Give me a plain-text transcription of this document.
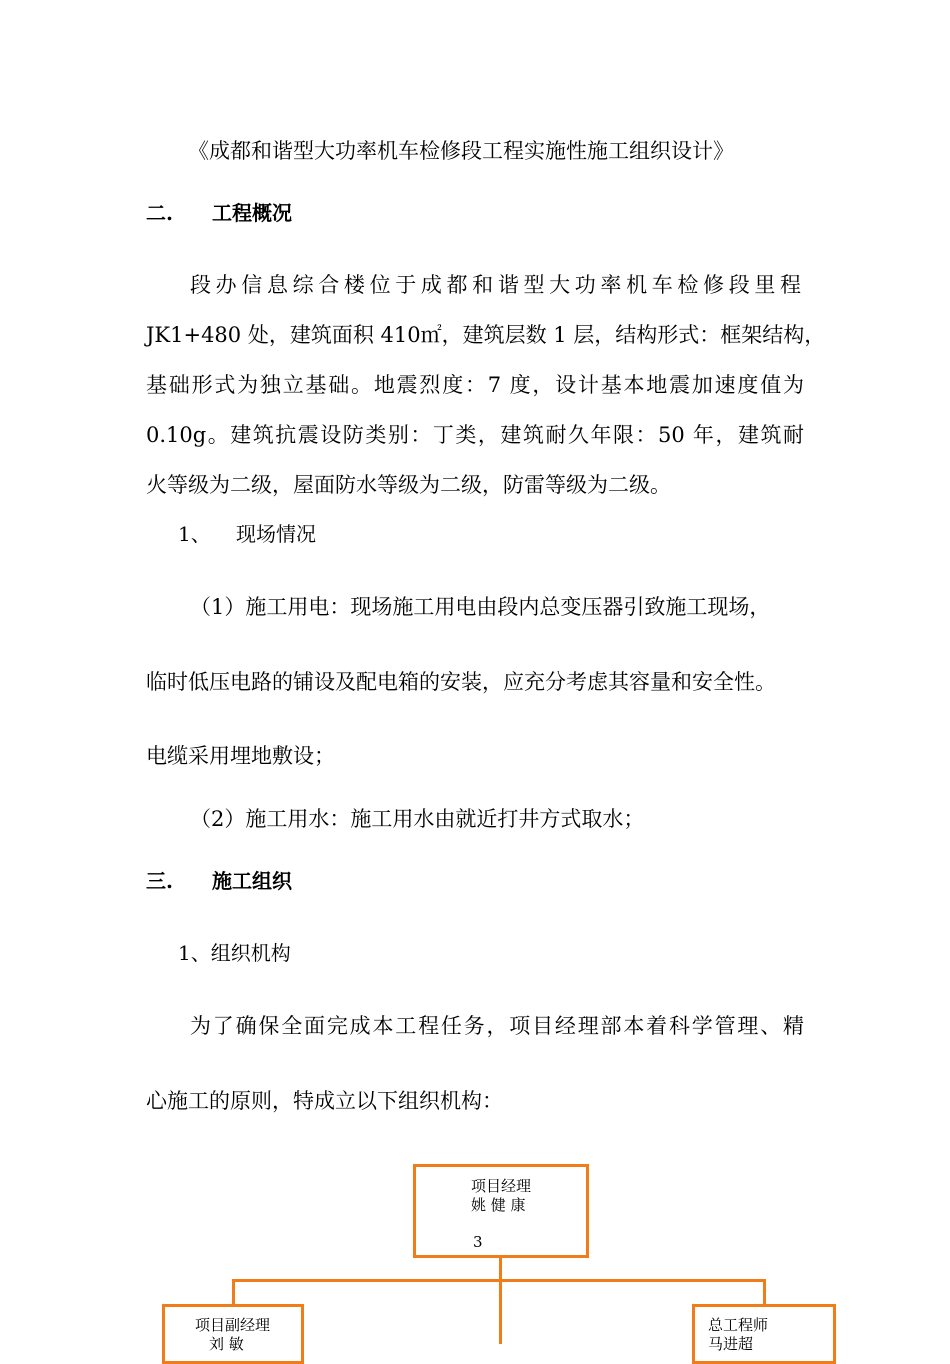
《成都和谐型大功率机车检修段工程实施性施工组织设计》
二. 工程概况
段办信息综合楼位于成都和谐型大功率机车检修段里程
JK1+480 处，建筑面积 410㎡，建筑层数 1 层，结构形式：框架结构，
基础形式为独立基础。地震烈度：7 度，设计基本地震加速度值为
0.10g。建筑抗震设防类别：丁类，建筑耐久年限：50 年，建筑耐
火等级为二级，屋面防水等级为二级，防雷等级为二级。
1、 现场情况
（1）施工用电：现场施工用电由段内总变压器引致施工现场，
临时低压电路的铺设及配电箱的安装，应充分考虑其容量和安全性。
电缆采用埋地敷设；
（2）施工用水：施工用水由就近打井方式取水；
三. 施工组织
1、组织机构
为了确保全面完成本工程任务，项目经理部本着科学管理、精
心施工的原则，特成立以下组织机构：
项目经理
姚 健 康
3
项目副经理
刘 敏
总工程师
马进超
